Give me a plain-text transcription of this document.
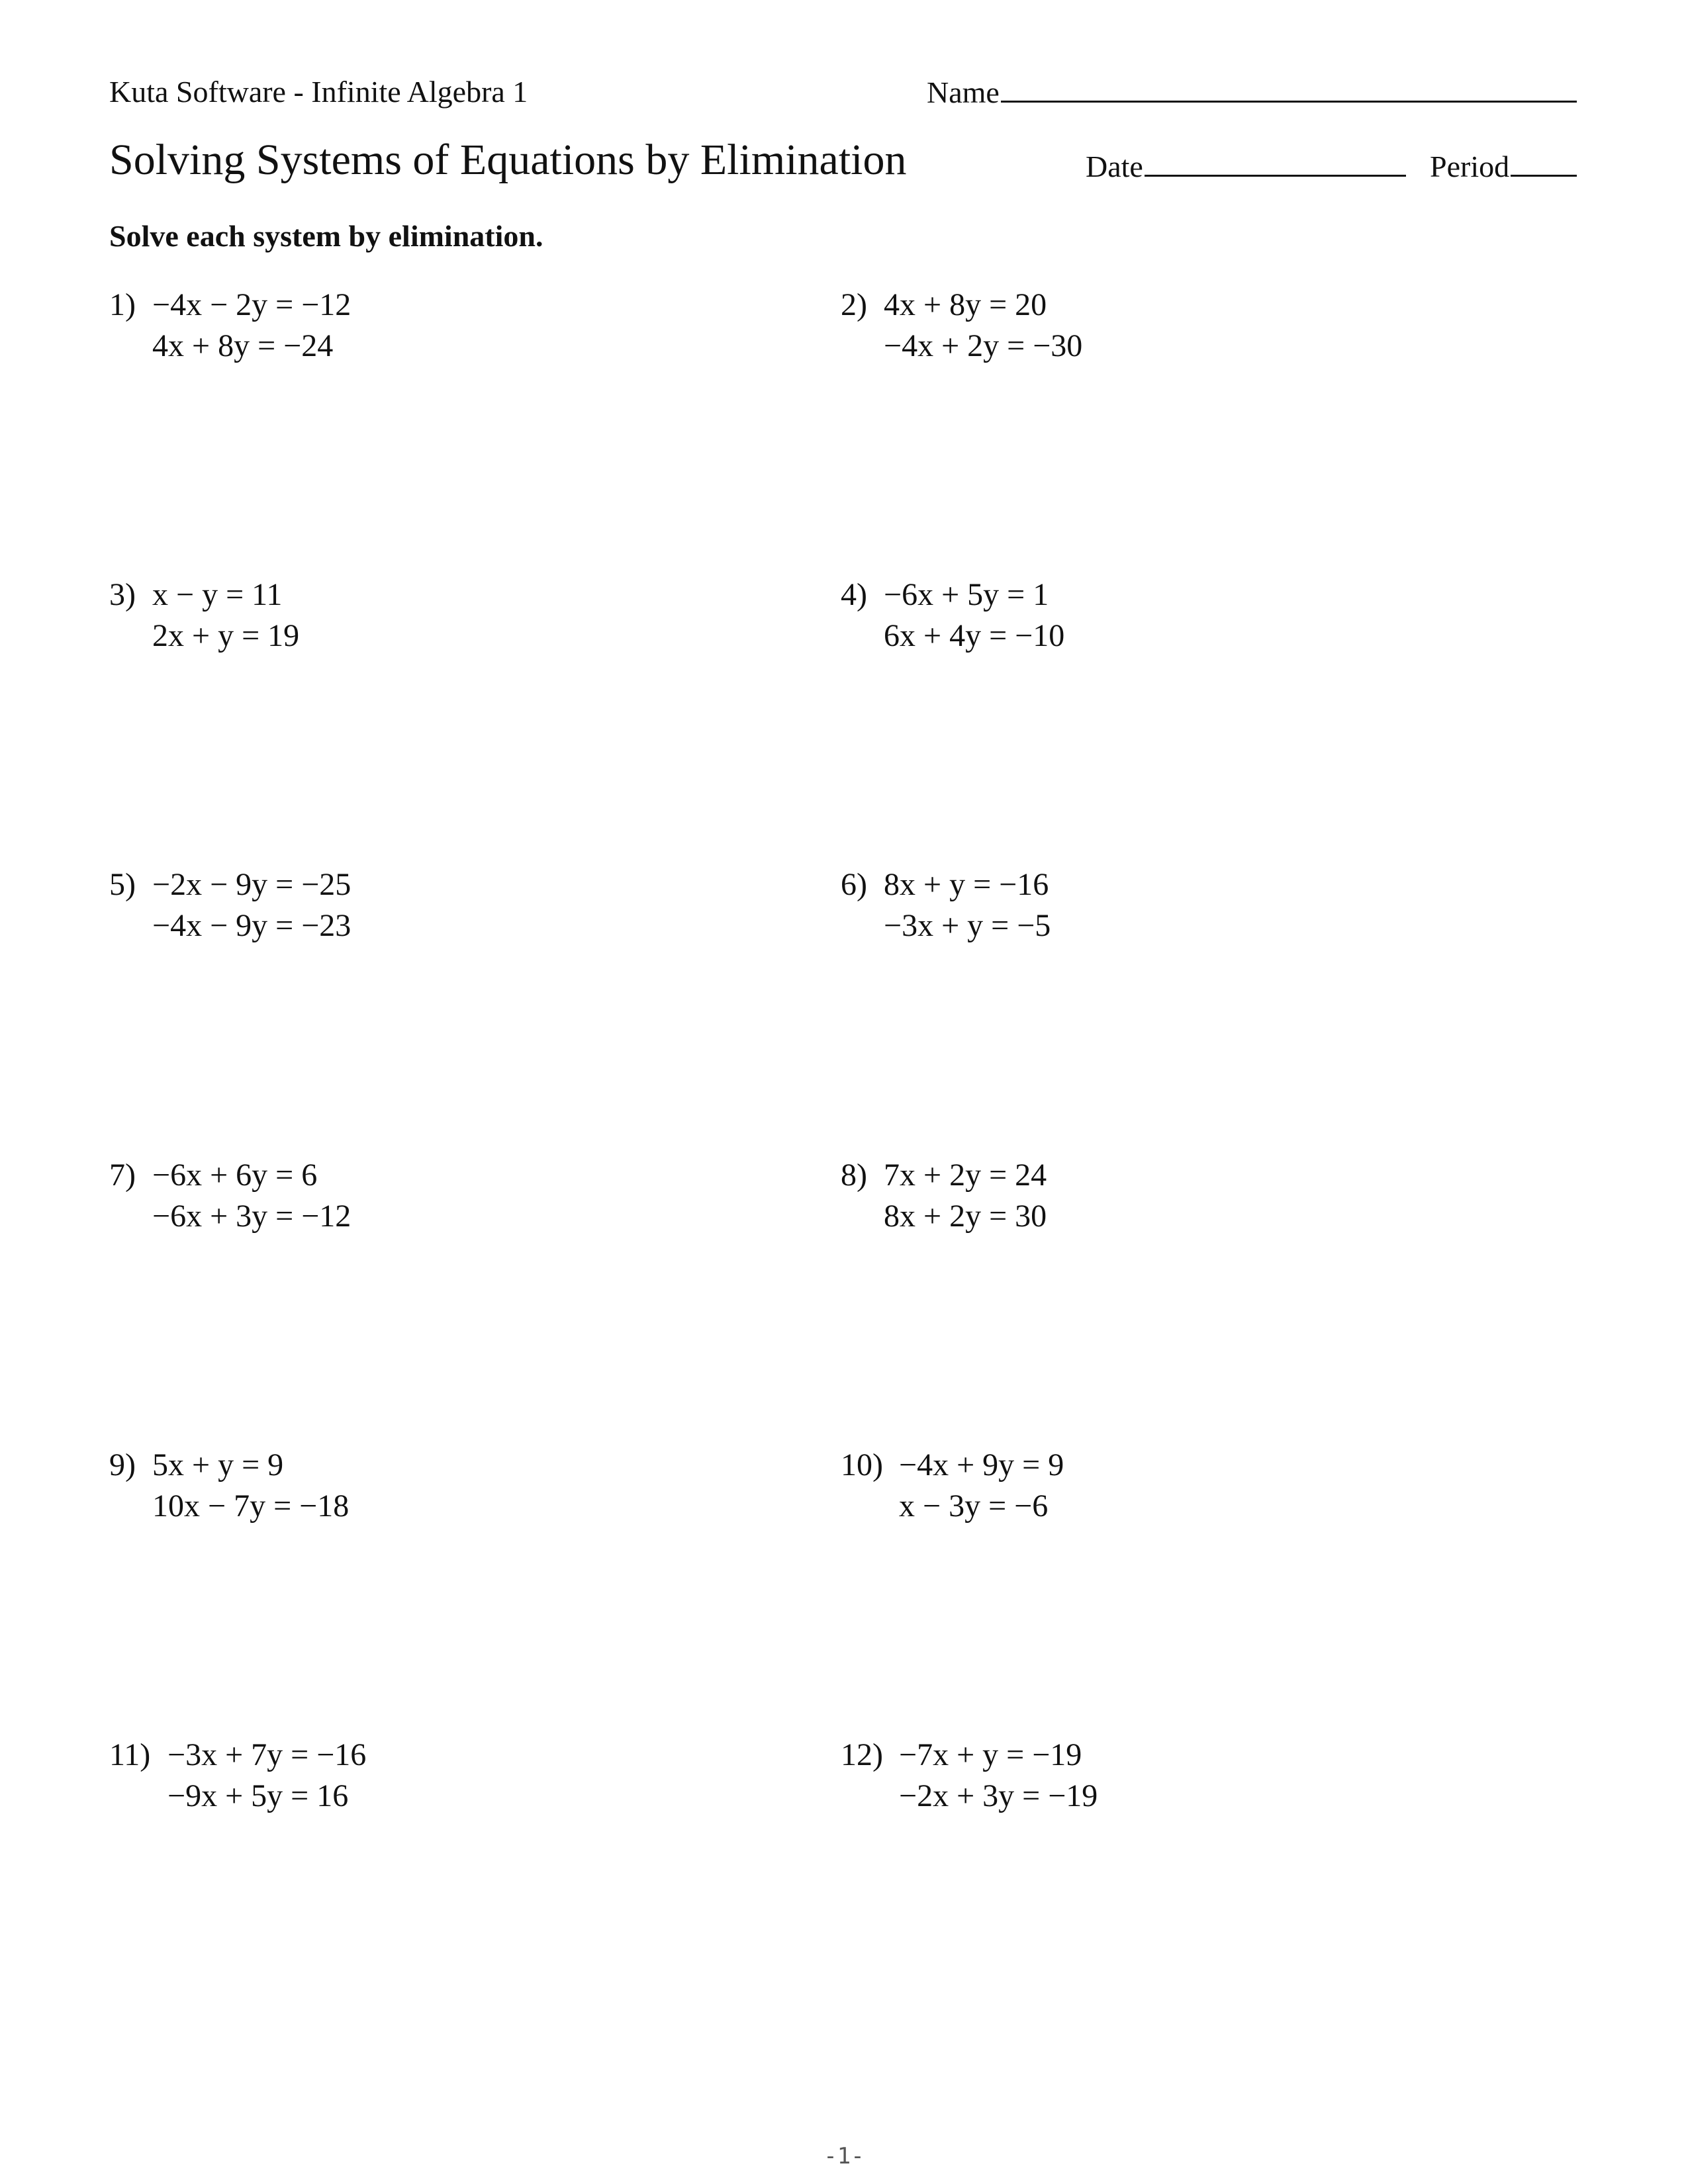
Kuta Software - Infinite Algebra 1	Name
Solving Systems of Equations by Elimination	Date	Period
Solve each system by elimination.
1) −4x − 2y = −12
4x + 8y = −24
2) 4x + 8y = 20
−4x + 2y = −30
3) x − y = 11
2x + y = 19
4) −6x + 5y = 1
6x + 4y = −10
5) −2x − 9y = −25
−4x − 9y = −23
6) 8x + y = −16
−3x + y = −5
7) −6x + 6y = 6
−6x + 3y = −12
8) 7x + 2y = 24
8x + 2y = 30
9) 5x + y = 9
10x − 7y = −18
10) −4x + 9y = 9
x − 3y = −6
11) −3x + 7y = −16
−9x + 5y = 16
12) −7x + y = −19
−2x + 3y = −19
-1-
